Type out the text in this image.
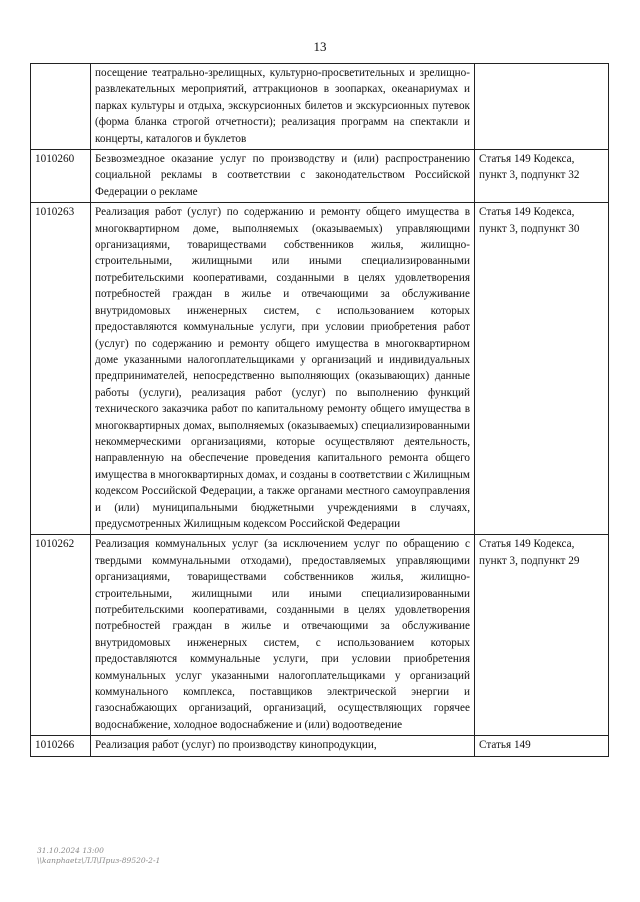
13
	посещение театрально-зрелищных, культурно-просветительных и зрелищно-развлекательных мероприятий, аттракционов в зоопарках, океанариумах и парках культуры и отдыха, экскурсионных билетов и экскурсионных путевок (форма бланка строгой отчетности); реализация программ на спектакли и концерты, каталогов и буклетов	
1010260	Безвозмездное оказание услуг по производству и (или) распространению социальной рекламы в соответствии с законодательством Российской Федерации о рекламе	Статья 149 Кодекса, пункт 3, подпункт 32
1010263	Реализация работ (услуг) по содержанию и ремонту общего имущества в многоквартирном доме, выполняемых (оказываемых) управляющими организациями, товариществами собственников жилья, жилищно-строительными, жилищными или иными специализированными потребительскими кооперативами, созданными в целях удовлетворения потребностей граждан в жилье и отвечающими за обслуживание внутридомовых инженерных систем, с использованием которых предоставляются коммунальные услуги, при условии приобретения работ (услуг) по содержанию и ремонту общего имущества в многоквартирном доме указанными налогоплательщиками у организаций и индивидуальных предпринимателей, непосредственно выполняющих (оказывающих) данные работы (услуги), реализация работ (услуг) по выполнению функций технического заказчика работ по капитальному ремонту общего имущества в многоквартирных домах, выполняемых (оказываемых) специализированными некоммерческими организациями, которые осуществляют деятельность, направленную на обеспечение проведения капитального ремонта общего имущества в многоквартирных домах, и созданы в соответствии с Жилищным кодексом Российской Федерации, а также органами местного самоуправления и (или) муниципальными бюджетными учреждениями в случаях, предусмотренных Жилищным кодексом Российской Федерации	Статья 149 Кодекса, пункт 3, подпункт 30
1010262	Реализация коммунальных услуг (за исключением услуг по обращению с твердыми коммунальными отходами), предоставляемых управляющими организациями, товариществами собственников жилья, жилищно-строительными, жилищными или иными специализированными потребительскими кооперативами, созданными в целях удовлетворения потребностей граждан в жилье и отвечающими за обслуживание внутридомовых инженерных систем, с использованием которых предоставляются коммунальные услуги, при условии приобретения коммунальных услуг указанными налогоплательщиками у организаций коммунального комплекса, поставщиков электрической энергии и газоснабжающих организаций, организаций, осуществляющих горячее водоснабжение, холодное водоснабжение и (или) водоотведение	Статья 149 Кодекса, пункт 3, подпункт 29
1010266	Реализация работ (услуг) по производству кинопродукции,	Статья 149
31.10.2024 13:00
\\kanphaetz\ЛЛ\Приз-89520-2-1
